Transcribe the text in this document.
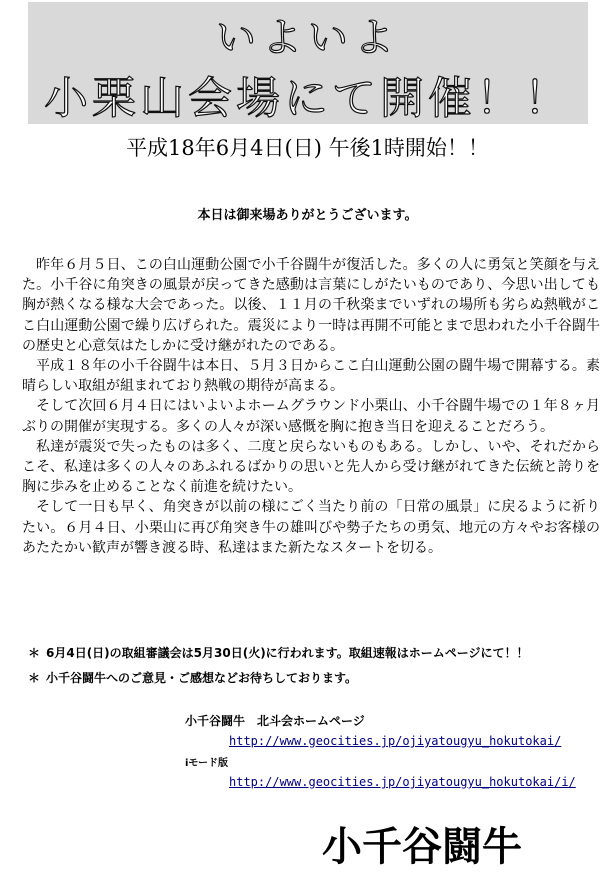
いよいよ
小栗山会場にて開催！！
平成18年6月4日(日) 午後1時開始！！
本日は御来場ありがとうございます。

昨年６月５日、この白山運動公園で小千谷闘牛が復活した。多くの人に勇気と笑顔を与えた。小千谷に角突きの風景が戻ってきた感動は言葉にしがたいものであり、今思い出しても胸が熱くなる様な大会であった。以後、１１月の千秋楽までいずれの場所も劣らぬ熱戦がここ白山運動公園で繰り広げられた。震災により一時は再開不可能とまで思われた小千谷闘牛の歴史と心意気はたしかに受け継がれたのである。

平成１８年の小千谷闘牛は本日、５月３日からここ白山運動公園の闘牛場で開幕する。素晴らしい取組が組まれており熱戦の期待が高まる。

そして次回６月４日にはいよいよホームグラウンド小栗山、小千谷闘牛場での１年８ヶ月ぶりの開催が実現する。多くの人々が深い感慨を胸に抱き当日を迎えることだろう。

私達が震災で失ったものは多く、二度と戻らないものもある。しかし、いや、それだからこそ、私達は多くの人々のあふれるばかりの思いと先人から受け継がれてきた伝統と誇りを胸に歩みを止めることなく前進を続けたい。

そして一日も早く、角突きが以前の様にごく当たり前の「日常の風景」に戻るように祈りたい。６月４日、小栗山に再び角突き牛の雄叫びや勢子たちの勇気、地元の方々やお客様のあたたかい歓声が響き渡る時、私達はまた新たなスタートを切る。

＊ 6月4日(日)の取組審議会は5月30日(火)に行われます。取組速報はホームページにて！！
＊ 小千谷闘牛へのご意見・ご感想などお待ちしております。
小千谷闘牛　北斗会ホームページ
http://www.geocities.jp/ojiyatougyu_hokutokai/
iモード版
http://www.geocities.jp/ojiyatougyu_hokutokai/i/
小千谷闘牛
